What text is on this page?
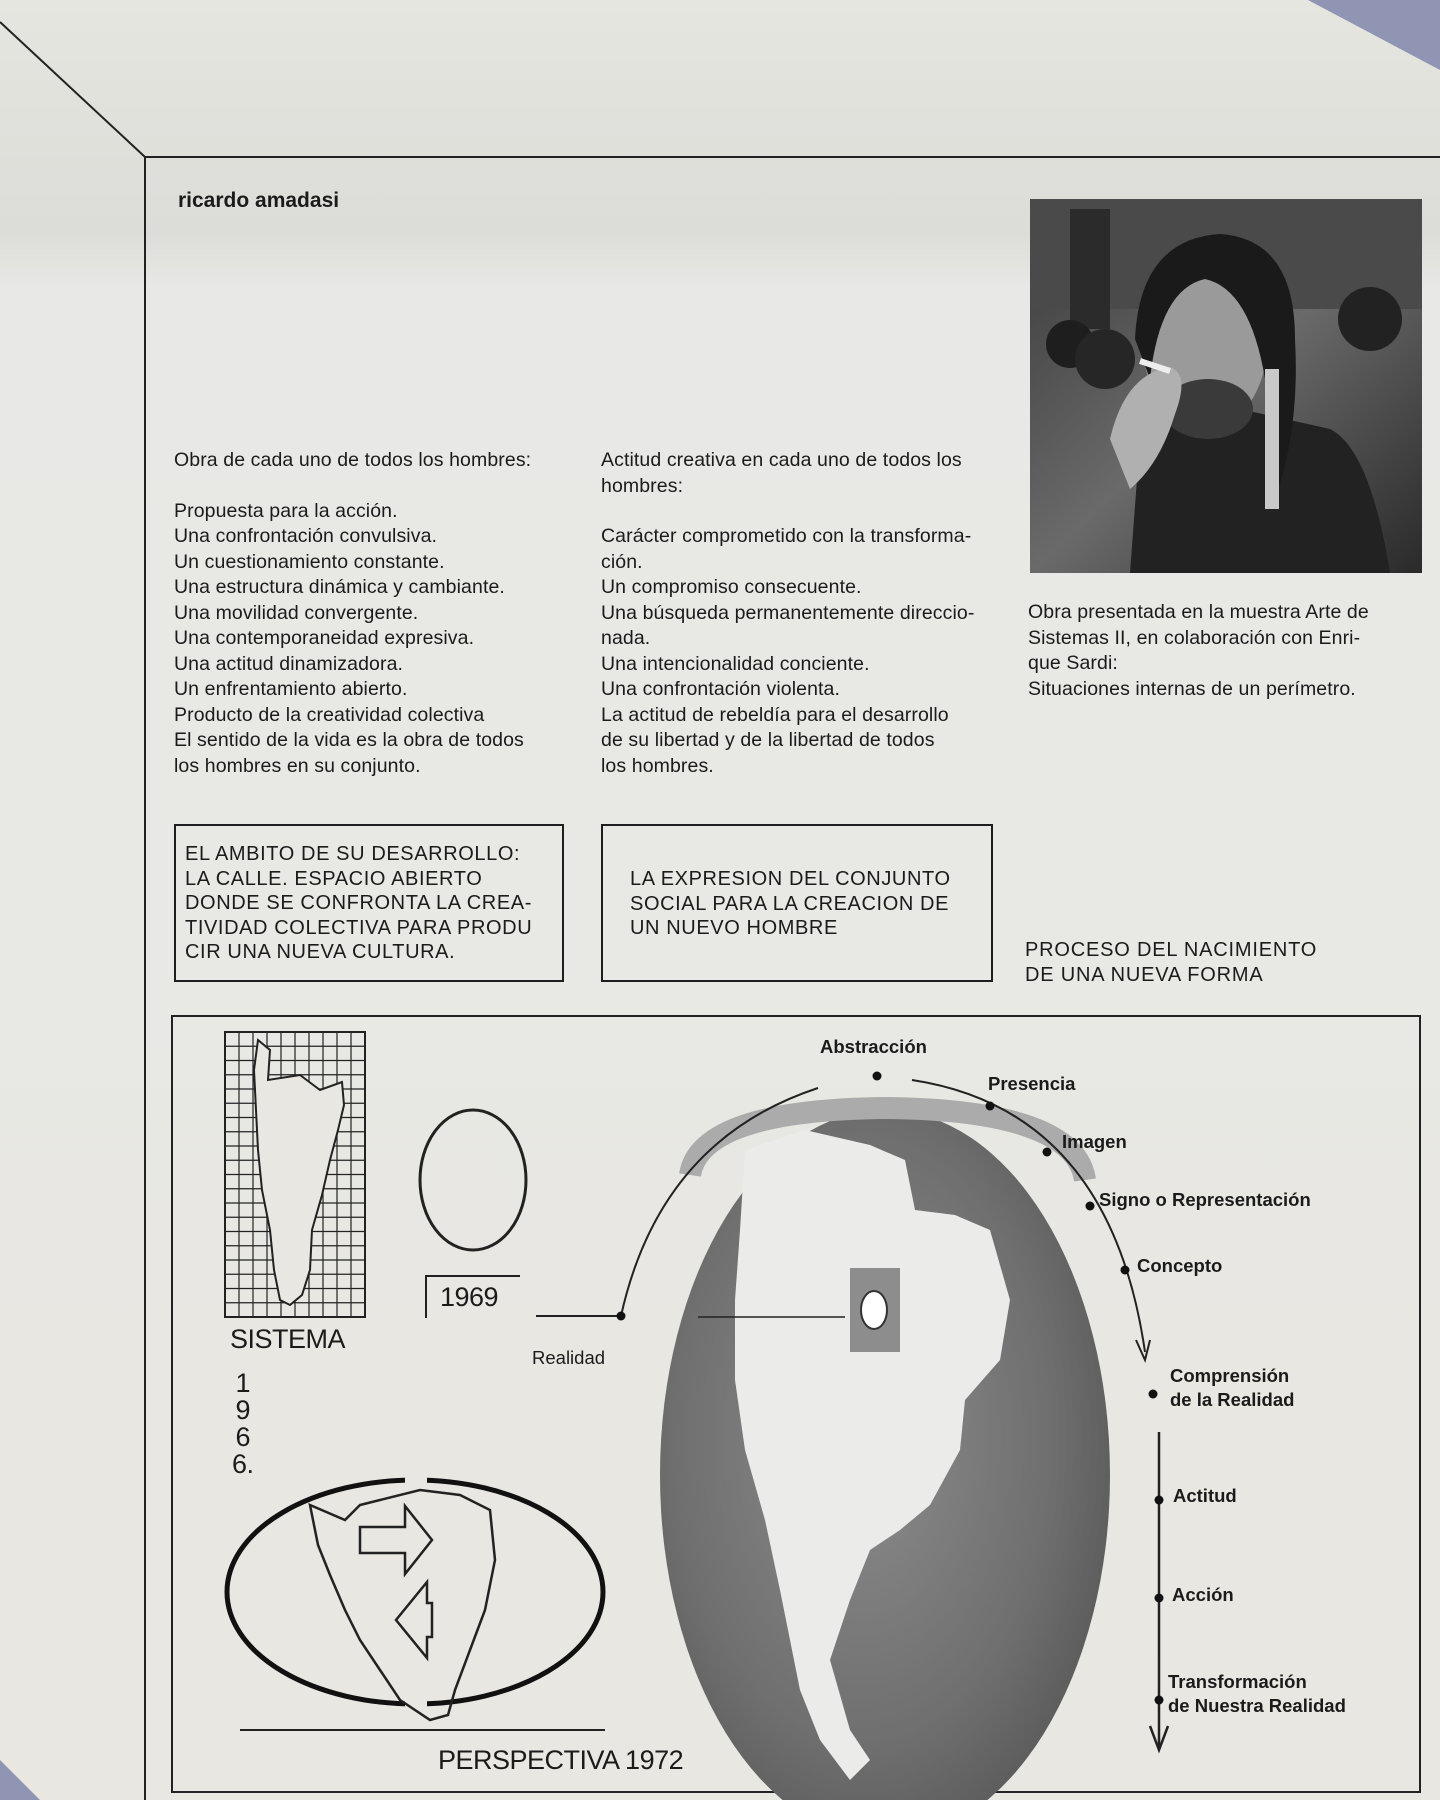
ricardo amadasi

Obra de cada uno de todos los hombres:

Propuesta para la acción.

Una confrontación convulsiva.

Un cuestionamiento constante.

Una estructura dinámica y cambiante.

Una movilidad convergente.

Una contemporaneidad expresiva.

Una actitud dinamizadora.

Un enfrentamiento abierto.

Producto de la creatividad colectiva

El sentido de la vida es la obra de todos

los hombres en su conjunto.

Actitud creativa en cada uno de todos los

hombres:

Carácter comprometido con la transforma-

ción.

Un compromiso consecuente.

Una búsqueda permanentemente direccio-

nada.

Una intencionalidad conciente.

Una confrontación violenta.

La actitud de rebeldía para el desarrollo

de su libertad y de la libertad de todos

los hombres.

Obra presentada en la muestra Arte de

Sistemas II, en colaboración con Enri-

que Sardi:

Situaciones internas de un perímetro.

EL AMBITO DE SU DESARROLLO:

LA CALLE. ESPACIO ABIERTO

DONDE SE CONFRONTA LA CREA-

TIVIDAD COLECTIVA PARA PRODU

CIR UNA NUEVA CULTURA.

LA EXPRESION DEL CONJUNTO

SOCIAL PARA LA CREACION DE

UN NUEVO HOMBRE

PROCESO DEL NACIMIENTO
DE UNA NUEVA FORMA
SISTEMA
1
9
6
6.
1969
PERSPECTIVA 1972
Realidad
Abstracción
Presencia
Imagen
Signo o Representación
Concepto

Comprensión

de la Realidad

Actitud
Acción

Transformación

de Nuestra Realidad
